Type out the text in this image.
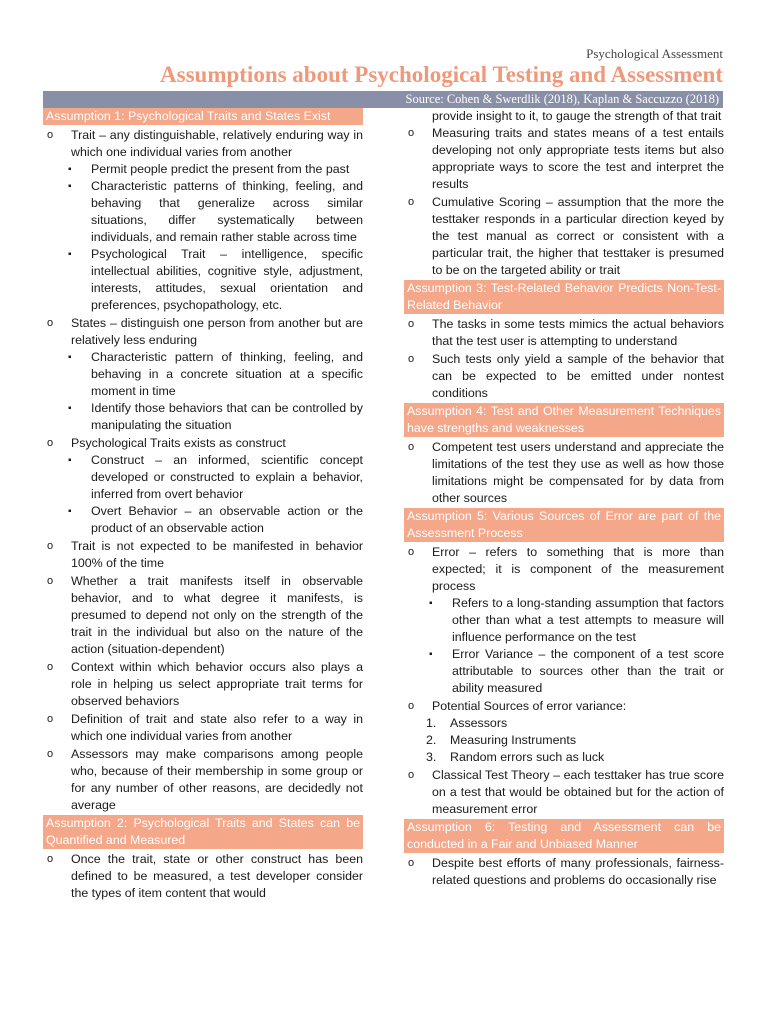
Psychological Assessment
Assumptions about Psychological Testing and Assessment
Source: Cohen & Swerdlik (2018), Kaplan & Saccuzzo (2018)
Assumption 1: Psychological Traits and States Exist
o Trait – any distinguishable, relatively enduring way in which one individual varies from another
▪ Permit people predict the present from the past
▪ Characteristic patterns of thinking, feeling, and behaving that generalize across similar situations, differ systematically between individuals, and remain rather stable across time
▪ Psychological Trait – intelligence, specific intellectual abilities, cognitive style, adjustment, interests, attitudes, sexual orientation and preferences, psychopathology, etc.
o States – distinguish one person from another but are relatively less enduring
▪ Characteristic pattern of thinking, feeling, and behaving in a concrete situation at a specific moment in time
▪ Identify those behaviors that can be controlled by manipulating the situation
o Psychological Traits exists as construct
▪ Construct – an informed, scientific concept developed or constructed to explain a behavior, inferred from overt behavior
▪ Overt Behavior – an observable action or the product of an observable action
o Trait is not expected to be manifested in behavior 100% of the time
o Whether a trait manifests itself in observable behavior, and to what degree it manifests, is presumed to depend not only on the strength of the trait in the individual but also on the nature of the action (situation-dependent)
o Context within which behavior occurs also plays a role in helping us select appropriate trait terms for observed behaviors
o Definition of trait and state also refer to a way in which one individual varies from another
o Assessors may make comparisons among people who, because of their membership in some group or for any number of other reasons, are decidedly not average
Assumption 2: Psychological Traits and States can be Quantified and Measured
o Once the trait, state or other construct has been defined to be measured, a test developer consider the types of item content that would
provide insight to it, to gauge the strength of that trait
o Measuring traits and states means of a test entails developing not only appropriate tests items but also appropriate ways to score the test and interpret the results
o Cumulative Scoring – assumption that the more the testtaker responds in a particular direction keyed by the test manual as correct or consistent with a particular trait, the higher that testtaker is presumed to be on the targeted ability or trait
Assumption 3: Test-Related Behavior Predicts Non-Test-Related Behavior
o The tasks in some tests mimics the actual behaviors that the test user is attempting to understand
o Such tests only yield a sample of the behavior that can be expected to be emitted under nontest conditions
Assumption 4: Test and Other Measurement Techniques have strengths and weaknesses
o Competent test users understand and appreciate the limitations of the test they use as well as how those limitations might be compensated for by data from other sources
Assumption 5: Various Sources of Error are part of the Assessment Process
o Error – refers to something that is more than expected; it is component of the measurement process
▪ Refers to a long-standing assumption that factors other than what a test attempts to measure will influence performance on the test
▪ Error Variance – the component of a test score attributable to sources other than the trait or ability measured
o Potential Sources of error variance:
1. Assessors
2. Measuring Instruments
3. Random errors such as luck
o Classical Test Theory – each testtaker has true score on a test that would be obtained but for the action of measurement error
Assumption 6: Testing and Assessment can be conducted in a Fair and Unbiased Manner
o Despite best efforts of many professionals, fairness-related questions and problems do occasionally rise
